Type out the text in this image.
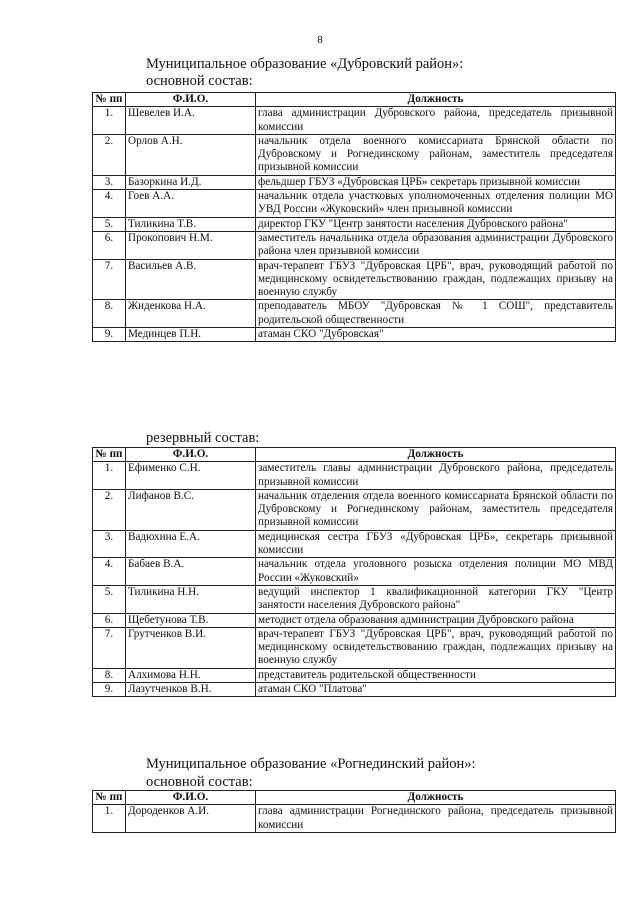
8
Муниципальное образование «Дубровский район»:
основной состав:
№ пп	Ф.И.О.	Должность
1.	Шевелев И.А.	глава администрации Дубровского района, председатель призывной комиссии
2.	Орлов А.Н.	начальник отдела военного комиссариата Брянской области по Дубровскому и Рогнединскому районам, заместитель председателя призывной комиссии
3.	Базоркина И.Д.	фельдшер ГБУЗ «Дубровская ЦРБ» секретарь призывной комиссии
4.	Гоев А.А.	начальник отдела участковых уполномоченных отделения полиции МО УВД России «Жуковский» член призывной комиссии
5.	Тиликина Т.В.	директор ГКУ "Центр занятости населения Дубровского района"
6.	Прокопович Н.М.	заместитель начальника отдела образования администрации Дубровского района член призывной комиссии
7.	Васильев А.В.	врач-терапевт ГБУЗ "Дубровская ЦРБ", врач, руководящий работой по медицинскому освидетельствованию граждан, подлежащих призыву на военную службу
8.	Жиденкова Н.А.	преподаватель МБОУ "Дубровская № 1 СОШ", представитель родительской общественности
9.	Мединцев П.Н.	атаман СКО "Дубровская"
резервный состав:
№ пп	Ф.И.О.	Должность
1.	Ефименко С.Н.	заместитель главы администрации Дубровского района, председатель призывной комиссии
2.	Лифанов В.С.	начальник отделения отдела военного комиссариата Брянской области по Дубровскому и Рогнединскому районам, заместитель председателя призывной комиссии
3.	Вадюхина Е.А.	медицинская сестра ГБУЗ «Дубровская ЦРБ», секретарь призывной комиссии
4.	Бабаев В.А.	начальник отдела уголовного розыска отделения полиции МО МВД России «Жуковский»
5.	Тиликина Н.Н.	ведущий инспектор 1 квалификационной категории ГКУ "Центр занятости населения Дубровского района"
6.	Щебетунова Т.В.	методист отдела образования администрации Дубровского района
7.	Грутченков В.И.	врач-терапевт ГБУЗ "Дубровская ЦРБ", врач, руководящий работой по медицинскому освидетельствованию граждан, подлежащих призыву на военную службу
8.	Алхимова Н.Н.	представитель родительской общественности
9.	Лазутченков В.Н.	атаман СКО "Платова"
Муниципальное образование «Рогнединский район»:
основной состав:
№ пп	Ф.И.О.	Должность
1.	Дороденков А.И.	глава администрации Рогнединского района, председатель призывной комиссии
